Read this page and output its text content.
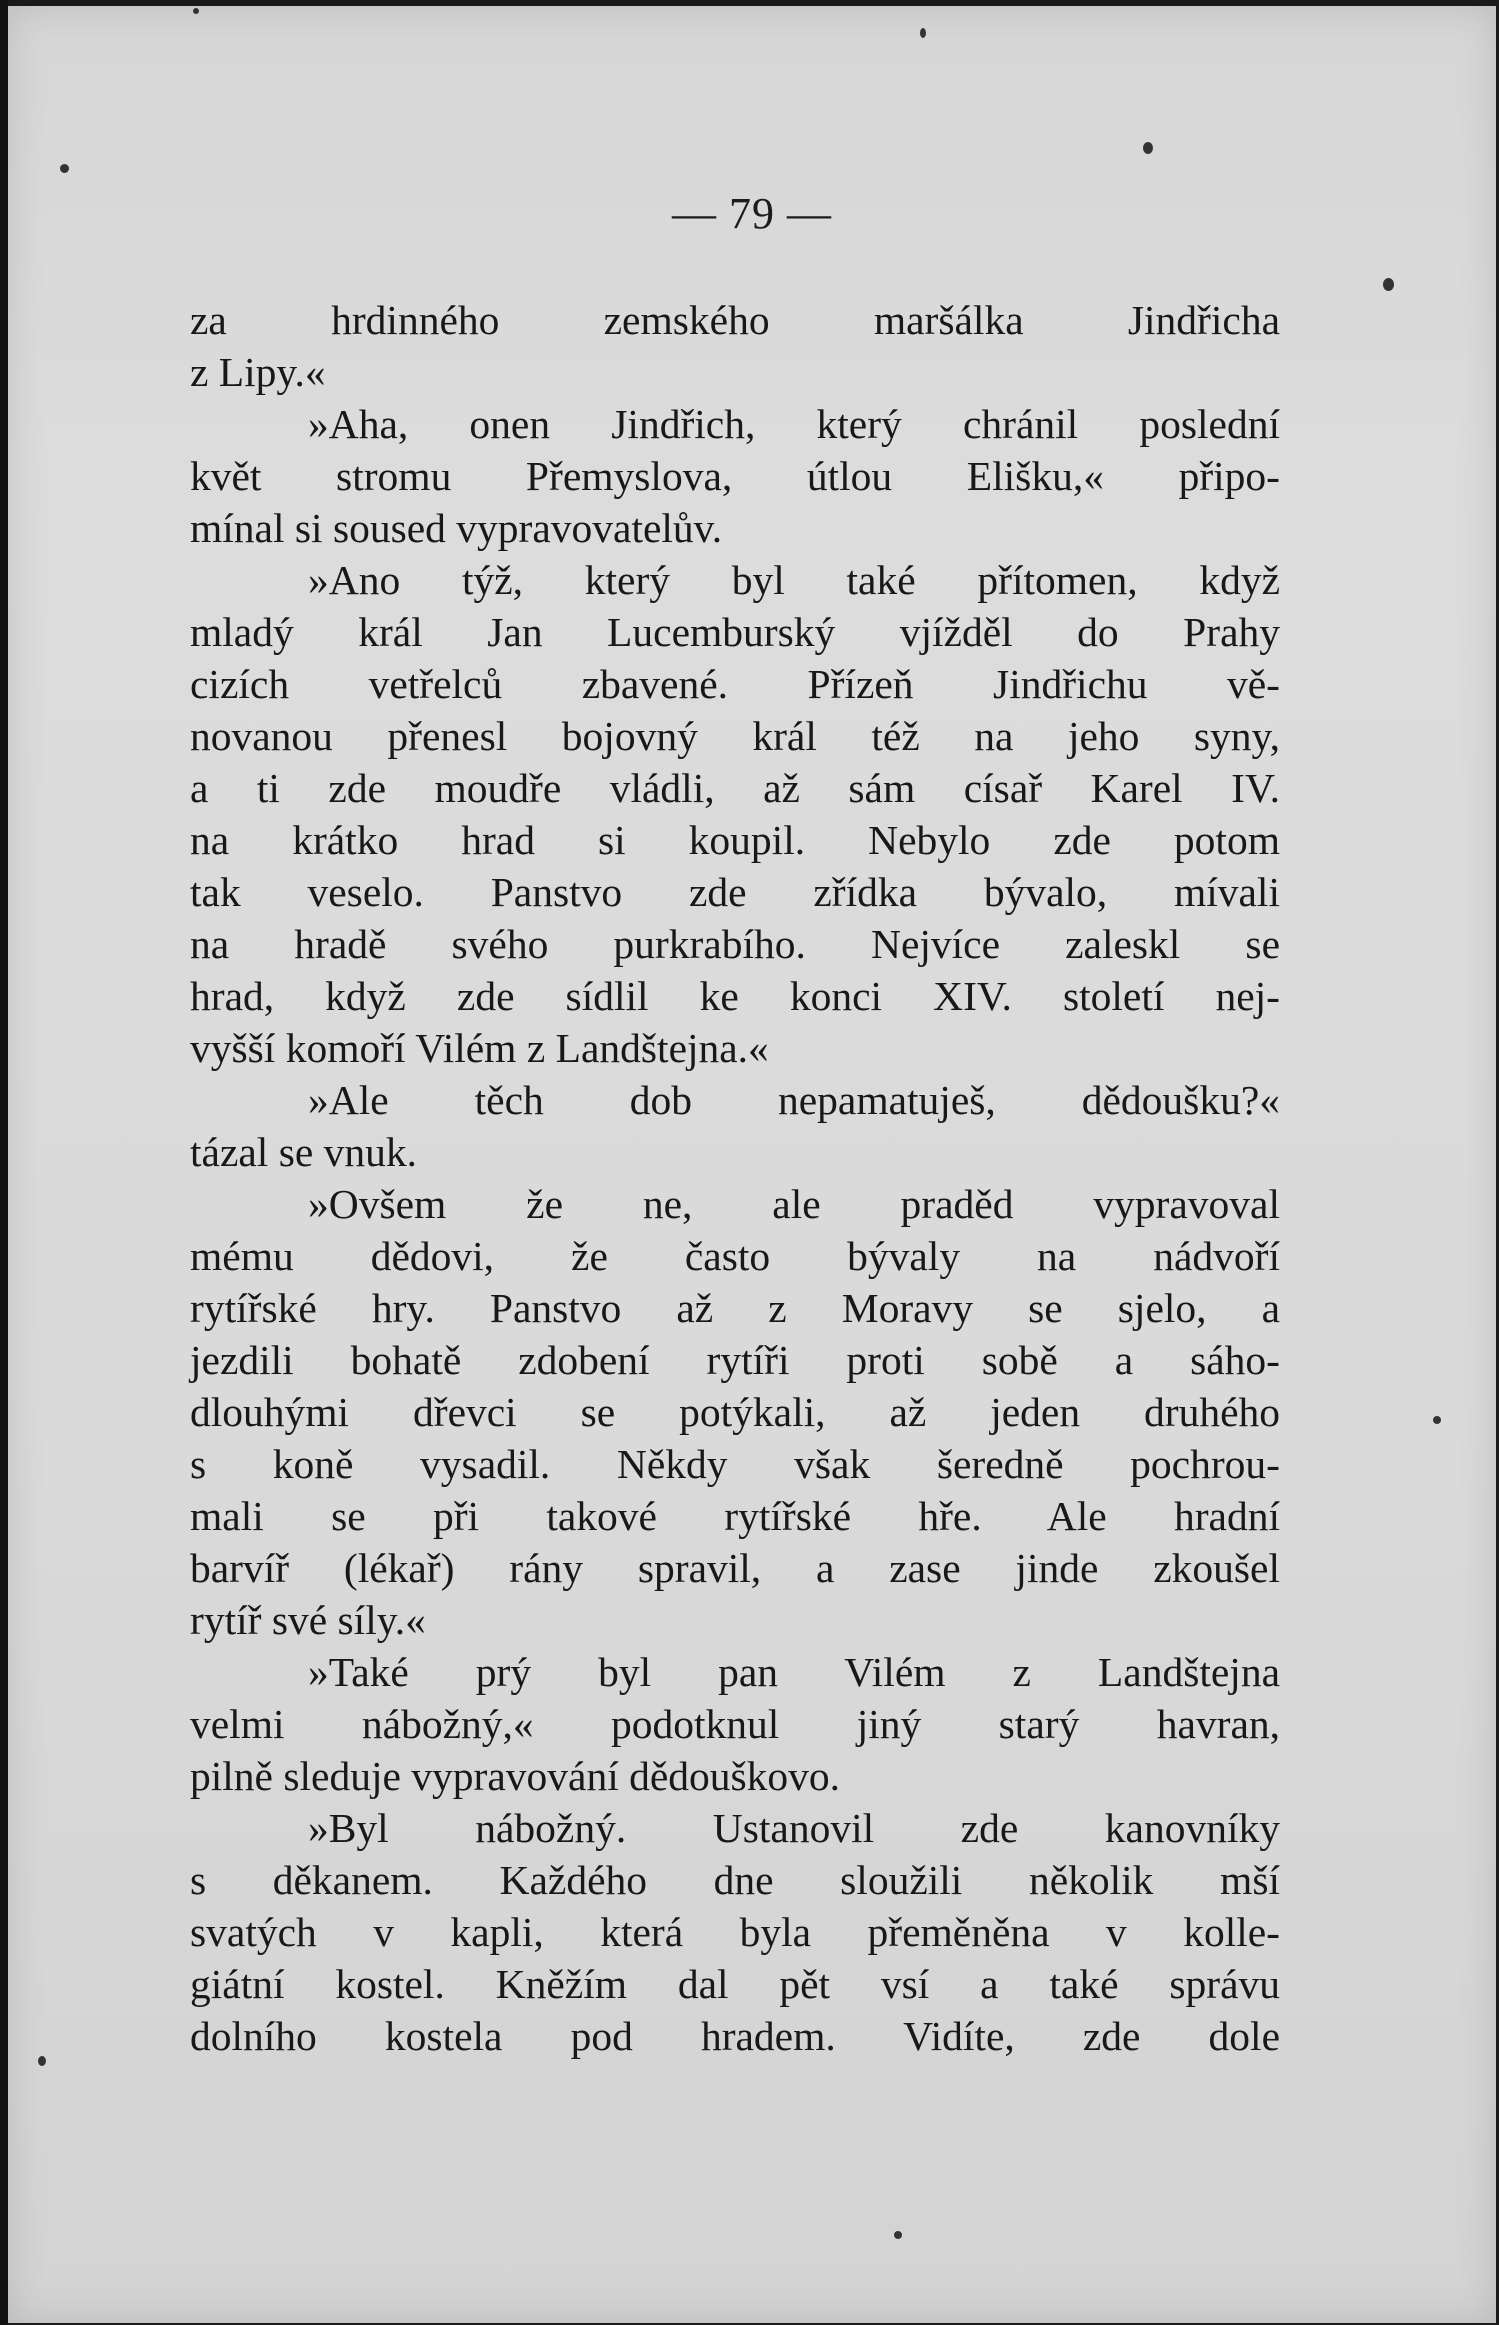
— 79 —
za hrdinného zemského maršálka Jindřicha
z Lipy.«
»Aha, onen Jindřich, který chránil poslední
květ stromu Přemyslova, útlou Elišku,« připo-
mínal si soused vypravovatelův.
»Ano týž, který byl také přítomen, když
mladý král Jan Lucemburský vjížděl do Prahy
cizích vetřelců zbavené. Přízeň Jindřichu vě-
novanou přenesl bojovný král též na jeho syny,
a ti zde moudře vládli, až sám císař Karel IV.
na krátko hrad si koupil. Nebylo zde potom
tak veselo. Panstvo zde zřídka bývalo, mívali
na hradě svého purkrabího. Nejvíce zaleskl se
hrad, když zde sídlil ke konci XIV. století nej-
vyšší komoří Vilém z Landštejna.«
»Ale těch dob nepamatuješ, dědoušku?«
tázal se vnuk.
»Ovšem že ne, ale praděd vypravoval
mému dědovi, že často bývaly na nádvoří
rytířské hry. Panstvo až z Moravy se sjelo, a
jezdili bohatě zdobení rytíři proti sobě a sáho-
dlouhými dřevci se potýkali, až jeden druhého
s koně vysadil. Někdy však šeredně pochrou-
mali se při takové rytířské hře. Ale hradní
barvíř (lékař) rány spravil, a zase jinde zkoušel
rytíř své síly.«
»Také prý byl pan Vilém z Landštejna
velmi nábožný,« podotknul jiný starý havran,
pilně sleduje vypravování dědouškovo.
»Byl nábožný. Ustanovil zde kanovníky
s děkanem. Každého dne sloužili několik mší
svatých v kapli, která byla přeměněna v kolle-
giátní kostel. Kněžím dal pět vsí a také správu
dolního kostela pod hradem. Vidíte, zde dole
